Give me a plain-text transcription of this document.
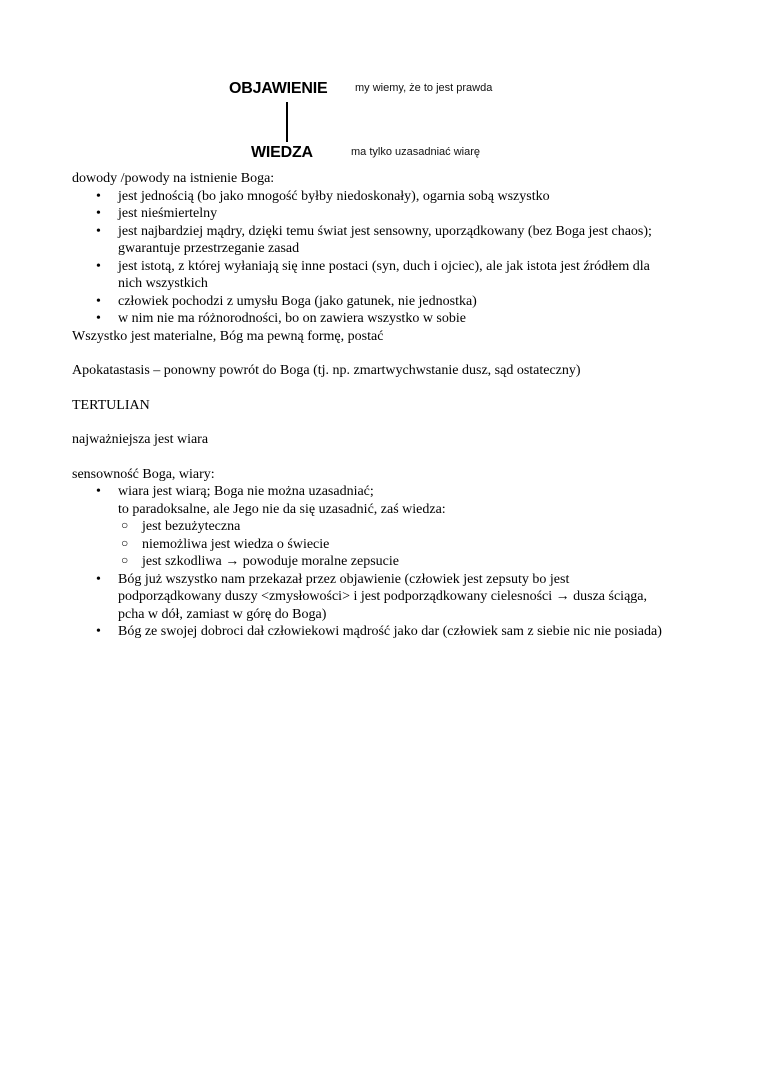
OBJAWIENIE	my wiemy, że to jest prawda
WIEDZA	ma tylko uzasadniać wiarę

dowody /powody na istnienie Boga:

• jest jednością (bo jako mnogość byłby niedoskonały), ogarnia sobą wszystko
• jest nieśmiertelny
• jest najbardziej mądry, dzięki temu świat jest sensowny, uporządkowany (bez Boga jest chaos); gwarantuje przestrzeganie zasad
• jest istotą, z której wyłaniają się inne postaci (syn, duch i ojciec), ale jak istota jest źródłem dla nich wszystkich
• człowiek pochodzi z umysłu Boga (jako gatunek, nie jednostka)
• w nim nie ma różnorodności, bo on zawiera wszystko w sobie

Wszystko jest materialne, Bóg ma pewną formę, postać

Apokatastasis – ponowny powrót do Boga (tj. np. zmartwychwstanie dusz, sąd ostateczny)

TERTULIAN

najważniejsza jest wiara

sensowność Boga, wiary:

• wiara jest wiarą; Boga nie można uzasadniać;
to paradoksalne, ale Jego nie da się uzasadnić, zaś wiedza:
○ jest bezużyteczna
○ niemożliwa jest wiedza o świecie
○ jest szkodliwa → powoduje moralne zepsucie
• Bóg już wszystko nam przekazał przez objawienie (człowiek jest zepsuty bo jest podporządkowany duszy <zmysłowości> i jest podporządkowany cielesności → dusza ściąga, pcha w dół, zamiast w górę do Boga)
• Bóg ze swojej dobroci dał człowiekowi mądrość jako dar (człowiek sam z siebie nic nie posiada)
